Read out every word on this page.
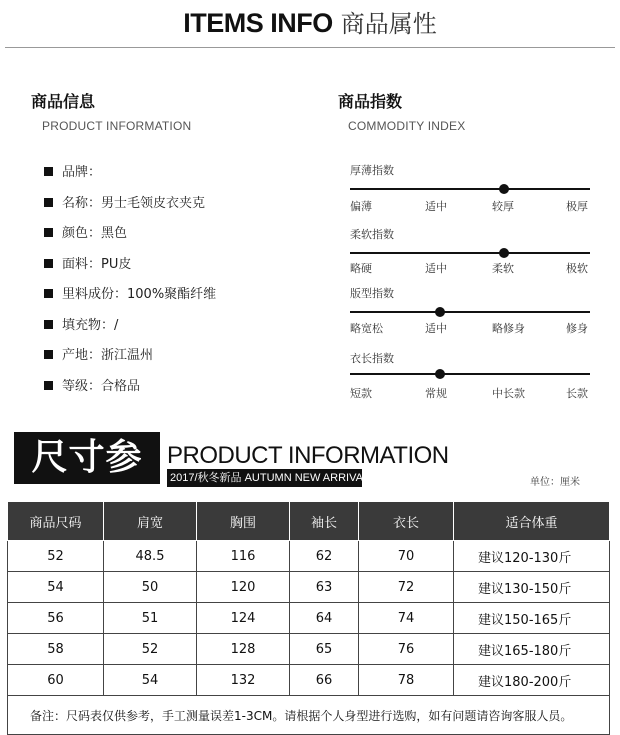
ITEMS INFO 商品属性
商品信息
PRODUCT INFORMATION
品牌：
名称：男士毛领皮衣夹克
颜色：黑色
面料：PU皮
里料成份：100%聚酯纤维
填充物：/
产地：浙江温州
等级：合格品
商品指数
COMMODITY INDEX
厚薄指数
偏薄	适中	较厚	极厚
柔软指数
略硬	适中	柔软	极软
版型指数
略宽松	适中	略修身	修身
衣长指数
短款	常规	中长款	长款
尺寸参	PRODUCT INFORMATION
2017/秋冬新品 AUTUMN NEW ARRIVALS	单位：厘米
商品尺码	肩宽	胸围	袖长	衣长	适合体重
52	48.5	116	62	70	建议120-130斤
54	50	120	63	72	建议130-150斤
56	51	124	64	74	建议150-165斤
58	52	128	65	76	建议165-180斤
60	54	132	66	78	建议180-200斤
备注：尺码表仅供参考，手工测量误差1-3CM。请根据个人身型进行选购，如有问题请咨询客服人员。					
